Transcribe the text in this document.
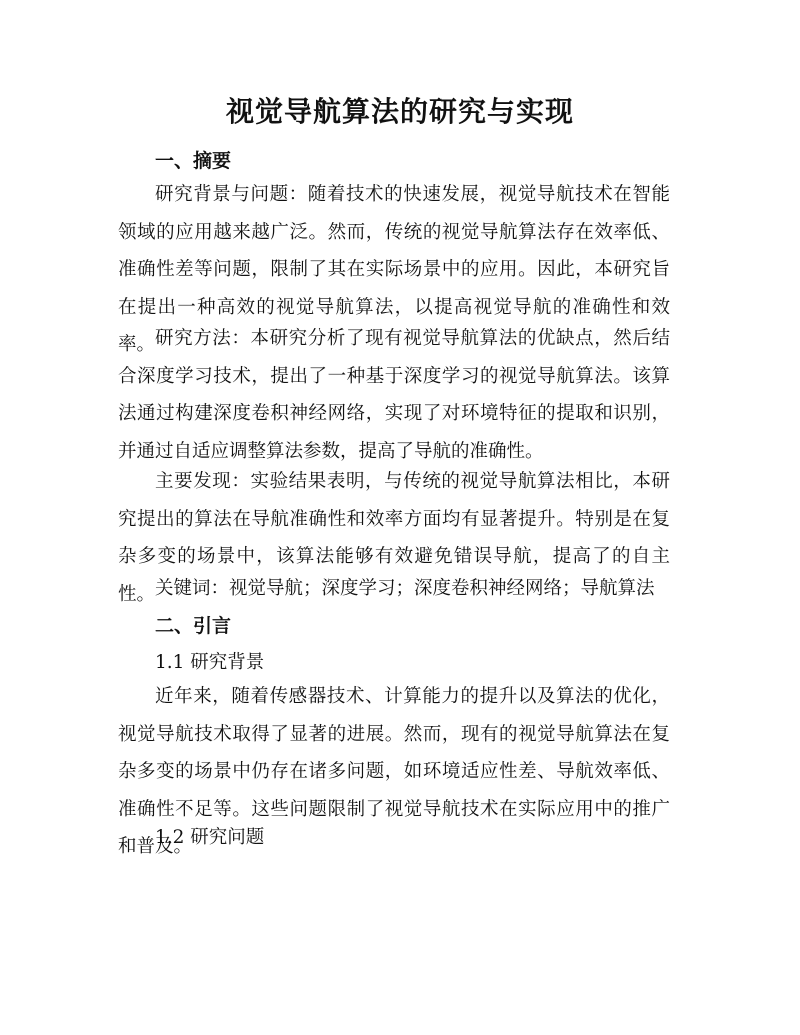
视觉导航算法的研究与实现
一、摘要

研究背景与问题：随着技术的快速发展，视觉导航技术在智能领域的应用越来越广泛。然而，传统的视觉导航算法存在效率低、准确性差等问题，限制了其在实际场景中的应用。因此，本研究旨在提出一种高效的视觉导航算法，以提高视觉导航的准确性和效率。 研究方法：本研究分析了现有视觉导航算法的优缺点，然后结合深度学习技术，提出了一种基于深度学习的视觉导航算法。该算法通过构建深度卷积神经网络，实现了对环境特征的提取和识别，并通过自适应调整算法参数，提高了导航的准确性。

主要发现：实验结果表明，与传统的视觉导航算法相比，本研究提出的算法在导航准确性和效率方面均有显著提升。特别是在复杂多变的场景中，该算法能够有效避免错误导航，提高了的自主性。 关键词：视觉导航；深度学习；深度卷积神经网络；导航算法
二、引言
1.1 研究背景

近年来，随着传感器技术、计算能力的提升以及算法的优化，视觉导航技术取得了显著的进展。然而，现有的视觉导航算法在复杂多变的场景中仍存在诸多问题，如环境适应性差、导航效率低、准确性不足等。这些问题限制了视觉导航技术在实际应用中的推广和普及。

1.2 研究问题
